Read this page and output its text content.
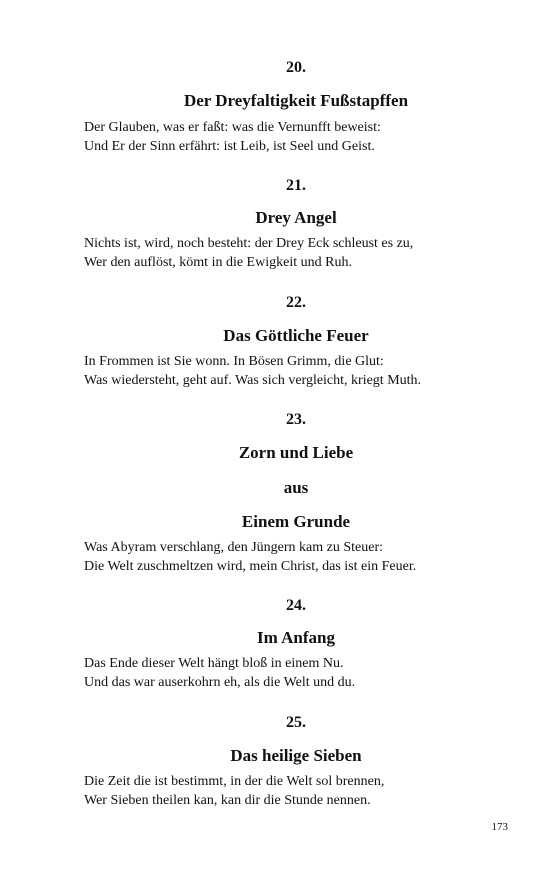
20.
Der Dreyfaltigkeit Fußstapffen
Der Glauben, was er faßt: was die Vernunfft beweist:
Und Er der Sinn erfährt: ist Leib, ist Seel und Geist.
21.
Drey Angel
Nichts ist, wird, noch besteht: der Drey Eck schleust es zu,
Wer den auflöst, kömt in die Ewigkeit und Ruh.
22.
Das Göttliche Feuer
In Frommen ist Sie wonn. In Bösen Grimm, die Glut:
Was wiedersteht, geht auf. Was sich vergleicht, kriegt Muth.
23.
Zorn und Liebe
aus
Einem Grunde
Was Abyram verschlang, den Jüngern kam zu Steuer:
Die Welt zuschmeltzen wird, mein Christ, das ist ein Feuer.
24.
Im Anfang
Das Ende dieser Welt hängt bloß in einem Nu.
Und das war auserkohrn eh, als die Welt und du.
25.
Das heilige Sieben
Die Zeit die ist bestimmt, in der die Welt sol brennen,
Wer Sieben theilen kan, kan dir die Stunde nennen.
173
